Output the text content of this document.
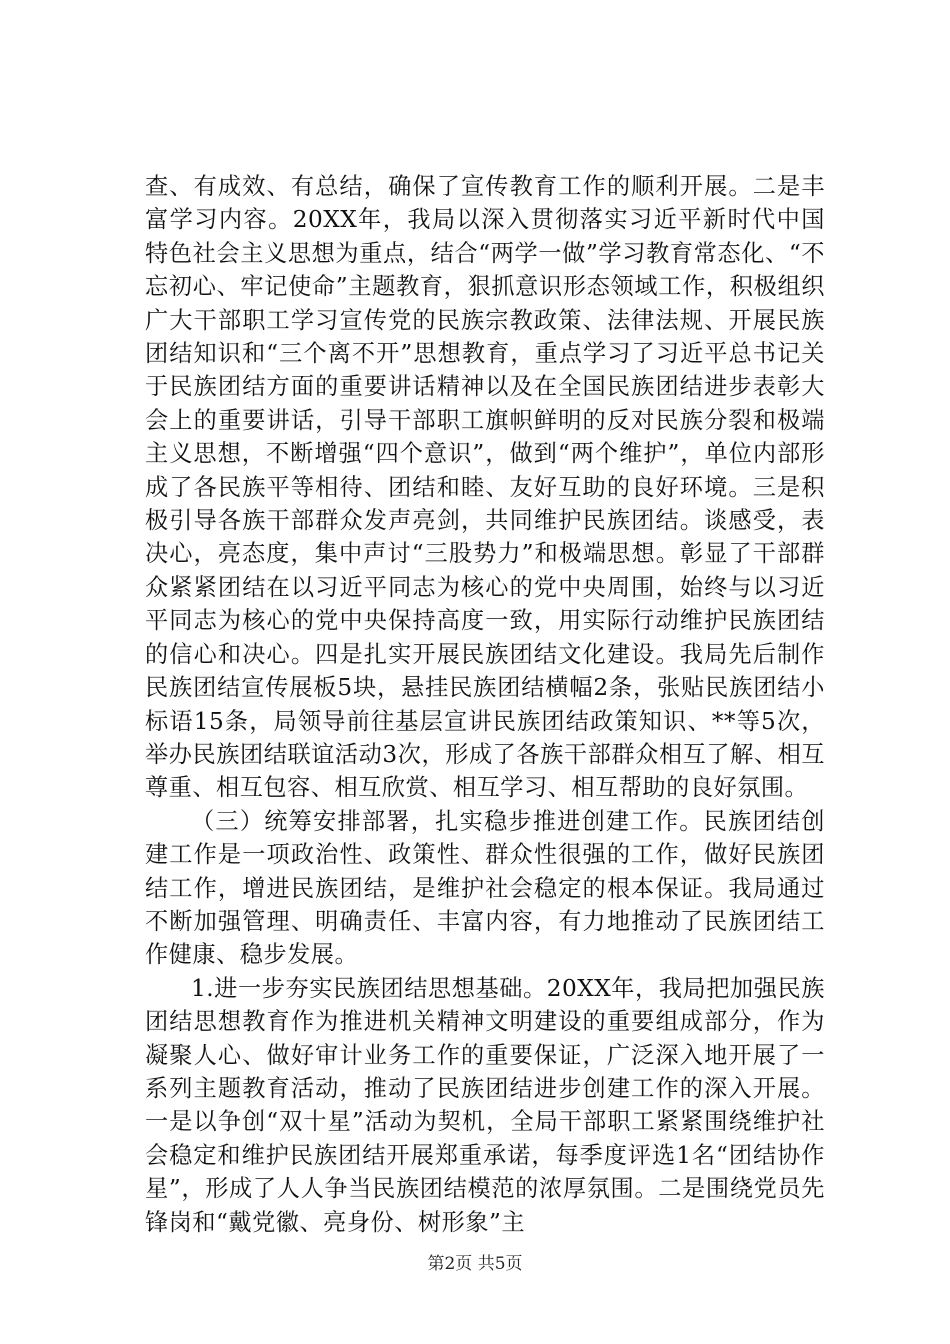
查、有成效、有总结，确保了宣传教育工作的顺利开展。二是丰富学习内容。20XX年，我局以深入贯彻落实习近平新时代中国特色社会主义思想为重点，结合“两学一做”学习教育常态化、“不忘初心、牢记使命”主题教育，狠抓意识形态领域工作，积极组织广大干部职工学习宣传党的民族宗教政策、法律法规、开展民族团结知识和“三个离不开”思想教育，重点学习了习近平总书记关于民族团结方面的重要讲话精神以及在全国民族团结进步表彰大会上的重要讲话，引导干部职工旗帜鲜明的反对民族分裂和极端主义思想，不断增强“四个意识”，做到“两个维护”，单位内部形成了各民族平等相待、团结和睦、友好互助的良好环境。三是积极引导各族干部群众发声亮剑，共同维护民族团结。谈感受，表决心，亮态度，集中声讨“三股势力”和极端思想。彰显了干部群众紧紧团结在以习近平同志为核心的党中央周围，始终与以习近平同志为核心的党中央保持高度一致，用实际行动维护民族团结的信心和决心。四是扎实开展民族团结文化建设。我局先后制作民族团结宣传展板5块，悬挂民族团结横幅2条，张贴民族团结小标语15条，局领导前往基层宣讲民族团结政策知识、**等5次，举办民族团结联谊活动3次，形成了各族干部群众相互了解、相互尊重、相互包容、相互欣赏、相互学习、相互帮助的良好氛围。

（三）统筹安排部署，扎实稳步推进创建工作。民族团结创建工作是一项政治性、政策性、群众性很强的工作，做好民族团结工作，增进民族团结，是维护社会稳定的根本保证。我局通过不断加强管理、明确责任、丰富内容，有力地推动了民族团结工作健康、稳步发展。

1.进一步夯实民族团结思想基础。20XX年，我局把加强民族团结思想教育作为推进机关精神文明建设的重要组成部分，作为凝聚人心、做好审计业务工作的重要保证，广泛深入地开展了一系列主题教育活动，推动了民族团结进步创建工作的深入开展。一是以争创“双十星”活动为契机，全局干部职工紧紧围绕维护社会稳定和维护民族团结开展郑重承诺，每季度评选1名“团结协作星”，形成了人人争当民族团结模范的浓厚氛围。二是围绕党员先锋岗和“戴党徽、亮身份、树形象”主

第2页 共5页
